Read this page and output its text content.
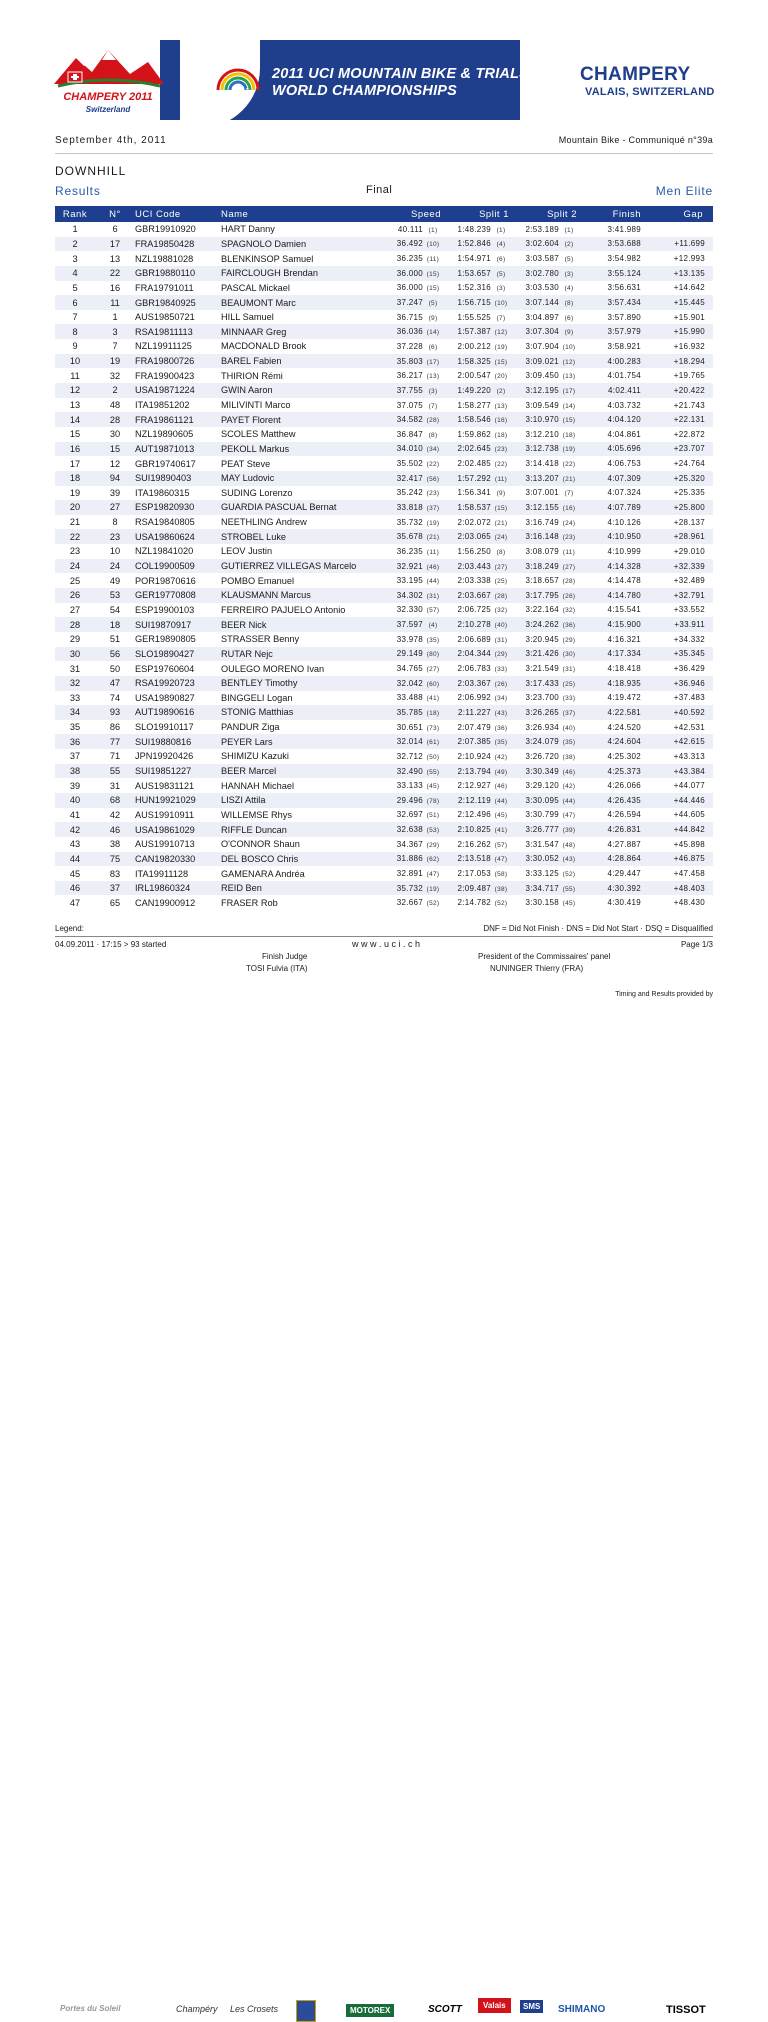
CHAMPERY 2011
Switzerland
uci
2011 UCI MOUNTAIN BIKE & TRIALS
WORLD CHAMPIONSHIPS
CHAMPERY
VALAIS, SWITZERLAND
September 4th, 2011	Mountain Bike - Communiqué n°39a
DOWNHILL
Results	Final	Men Elite
Rank	N°	UCI Code	Name	Speed	Split 1	Split 2	Finish	Gap
1	6	GBR19910920	HART Danny	40.111 (1)	1:48.239 (1)	2:53.189 (1)	3:41.989	
2	17	FRA19850428	SPAGNOLO Damien	36.492 (10)	1:52.846 (4)	3:02.604 (2)	3:53.688	+11.699
3	13	NZL19881028	BLENKINSOP Samuel	36.235 (11)	1:54.971 (6)	3:03.587 (5)	3:54.982	+12.993
4	22	GBR19880110	FAIRCLOUGH Brendan	36.000 (15)	1:53.657 (5)	3:02.780 (3)	3:55.124	+13.135
5	16	FRA19791011	PASCAL Mickael	36.000 (15)	1:52.316 (3)	3:03.530 (4)	3:56.631	+14.642
6	11	GBR19840925	BEAUMONT Marc	37.247 (5)	1:56.715 (10)	3:07.144 (8)	3:57.434	+15.445
7	1	AUS19850721	HILL Samuel	36.715 (9)	1:55.525 (7)	3:04.897 (6)	3:57.890	+15.901
8	3	RSA19811113	MINNAAR Greg	36.036 (14)	1:57.387 (12)	3:07.304 (9)	3:57.979	+15.990
9	7	NZL19911125	MACDONALD Brook	37.228 (6)	2:00.212 (19)	3:07.904 (10)	3:58.921	+16.932
10	19	FRA19800726	BAREL Fabien	35.803 (17)	1:58.325 (15)	3:09.021 (12)	4:00.283	+18.294
11	32	FRA19900423	THIRION Rémi	36.217 (13)	2:00.547 (20)	3:09.450 (13)	4:01.754	+19.765
12	2	USA19871224	GWIN Aaron	37.755 (3)	1:49.220 (2)	3:12.195 (17)	4:02.411	+20.422
13	48	ITA19851202	MILIVINTI Marco	37.075 (7)	1:58.277 (13)	3:09.549 (14)	4:03.732	+21.743
14	28	FRA19861121	PAYET Florent	34.582 (28)	1:58.546 (16)	3:10.970 (15)	4:04.120	+22.131
15	30	NZL19890605	SCOLES Matthew	36.847 (8)	1:59.862 (18)	3:12.210 (18)	4:04.861	+22.872
16	15	AUT19871013	PEKOLL Markus	34.010 (34)	2:02.645 (23)	3:12.738 (19)	4:05.696	+23.707
17	12	GBR19740617	PEAT Steve	35.502 (22)	2:02.485 (22)	3:14.418 (22)	4:06.753	+24.764
18	94	SUI19890403	MAY Ludovic	32.417 (56)	1:57.292 (11)	3:13.207 (21)	4:07.309	+25.320
19	39	ITA19860315	SUDING Lorenzo	35.242 (23)	1:56.341 (9)	3:07.001 (7)	4:07.324	+25.335
20	27	ESP19820930	GUARDIA PASCUAL Bernat	33.818 (37)	1:58.537 (15)	3:12.155 (16)	4:07.789	+25.800
21	8	RSA19840805	NEETHLING Andrew	35.732 (19)	2:02.072 (21)	3:16.749 (24)	4:10.126	+28.137
22	23	USA19860624	STROBEL Luke	35.678 (21)	2:03.065 (24)	3:16.148 (23)	4:10.950	+28.961
23	10	NZL19841020	LEOV Justin	36.235 (11)	1:56.250 (8)	3:08.079 (11)	4:10.999	+29.010
24	24	COL19900509	GUTIERREZ VILLEGAS Marcelo	32.921 (46)	2:03.443 (27)	3:18.249 (27)	4:14.328	+32.339
25	49	POR19870616	POMBO Emanuel	33.195 (44)	2:03.338 (25)	3:18.657 (28)	4:14.478	+32.489
26	53	GER19770808	KLAUSMANN Marcus	34.302 (31)	2:03.667 (28)	3:17.795 (26)	4:14.780	+32.791
27	54	ESP19900103	FERREIRO PAJUELO Antonio	32.330 (57)	2:06.725 (32)	3:22.164 (32)	4:15.541	+33.552
28	18	SUI19870917	BEER Nick	37.597 (4)	2:10.278 (40)	3:24.262 (36)	4:15.900	+33.911
29	51	GER19890805	STRASSER Benny	33.978 (35)	2:06.689 (31)	3:20.945 (29)	4:16.321	+34.332
30	56	SLO19890427	RUTAR Nejc	29.149 (80)	2:04.344 (29)	3:21.426 (30)	4:17.334	+35.345
31	50	ESP19760604	OULEGO MORENO Ivan	34.765 (27)	2:06.783 (33)	3:21.549 (31)	4:18.418	+36.429
32	47	RSA19920723	BENTLEY Timothy	32.042 (60)	2:03.367 (26)	3:17.433 (25)	4:18.935	+36.946
33	74	USA19890827	BINGGELI Logan	33.488 (41)	2:06.992 (34)	3:23.700 (33)	4:19.472	+37.483
34	93	AUT19890616	STONIG Matthias	35.785 (18)	2:11.227 (43)	3:26.265 (37)	4:22.581	+40.592
35	86	SLO19910117	PANDUR Ziga	30.651 (73)	2:07.479 (36)	3:26.934 (40)	4:24.520	+42.531
36	77	SUI19880816	PEYER Lars	32.014 (61)	2:07.385 (35)	3:24.079 (35)	4:24.604	+42.615
37	71	JPN19920426	SHIMIZU Kazuki	32.712 (50)	2:10.924 (42)	3:26.720 (38)	4:25.302	+43.313
38	55	SUI19851227	BEER Marcel	32.490 (55)	2:13.794 (49)	3:30.349 (46)	4:25.373	+43.384
39	31	AUS19831121	HANNAH Michael	33.133 (45)	2:12.927 (46)	3:29.120 (42)	4:26.066	+44.077
40	68	HUN19921029	LISZI Attila	29.496 (78)	2:12.119 (44)	3:30.095 (44)	4:26.435	+44.446
41	42	AUS19910911	WILLEMSE Rhys	32.697 (51)	2:12.496 (45)	3:30.799 (47)	4:26.594	+44.605
42	46	USA19861029	RIFFLE Duncan	32.638 (53)	2:10.825 (41)	3:26.777 (39)	4:26.831	+44.842
43	38	AUS19910713	O'CONNOR Shaun	34.367 (29)	2:16.262 (57)	3:31.547 (48)	4:27.887	+45.898
44	75	CAN19820330	DEL BOSCO Chris	31.886 (62)	2:13.518 (47)	3:30.052 (43)	4:28.864	+46.875
45	83	ITA19911128	GAMENARA Andréa	32.891 (47)	2:17.053 (58)	3:33.125 (52)	4:29.447	+47.458
46	37	IRL19860324	REID Ben	35.732 (19)	2:09.487 (38)	3:34.717 (55)	4:30.392	+48.403
47	65	CAN19900912	FRASER Rob	32.667 (52)	2:14.782 (52)	3:30.158 (45)	4:30.419	+48.430
Legend:	DNF = Did Not Finish · DNS = Did Not Start · DSQ = Disqualified
04.09.2011 · 17:15 > 93 started	w w w . u c i . c h	Page 1/3
Finish Judge
TOSI Fulvia (ITA)
President of the Commissaires' panel
NUNINGER Thierry (FRA)
Timing and Results provided by
Portes du Soleil	Champéry Les Crosets	MOTOREX	SCOTT	Valais	SMS	SHIMANO	TISSOT
